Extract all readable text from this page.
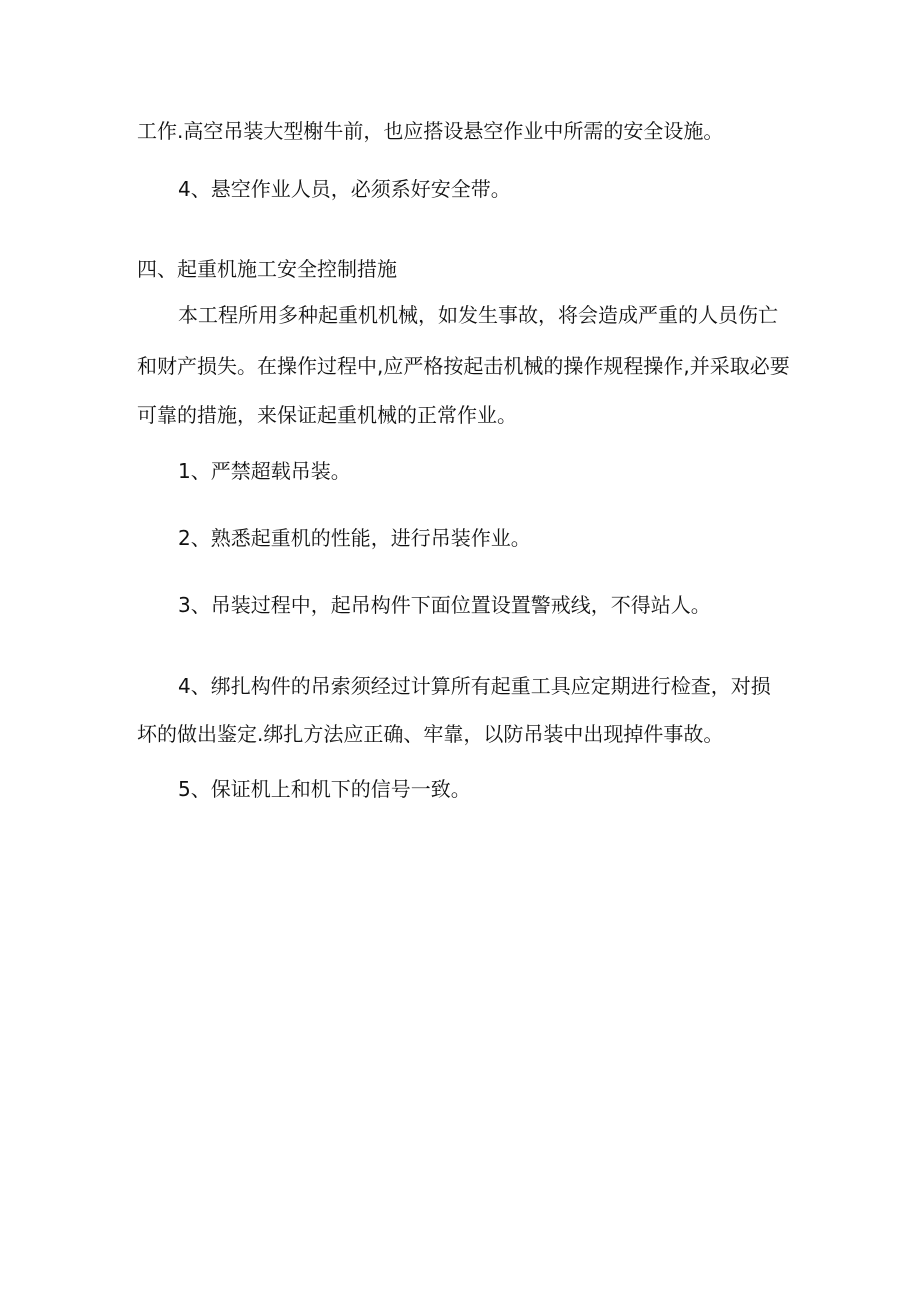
工作.高空吊装大型榭牛前，也应搭设悬空作业中所需的安全设施。
4、悬空作业人员，必须系好安全带。
四、起重机施工安全控制措施
本工程所用多种起重机机械，如发生事故，将会造成严重的人员伤亡
和财产损失。在操作过程中,应严格按起击机械的操作规程操作,并采取必要
可靠的措施，来保证起重机械的正常作业。
1、严禁超载吊装。
2、熟悉起重机的性能，进行吊装作业。
3、吊装过程中，起吊构件下面位置设置警戒线，不得站人。
4、绑扎构件的吊索须经过计算所有起重工具应定期进行检查，对损
坏的做出鉴定.绑扎方法应正确、牢靠，以防吊装中出现掉件事故。
5、保证机上和机下的信号一致。
